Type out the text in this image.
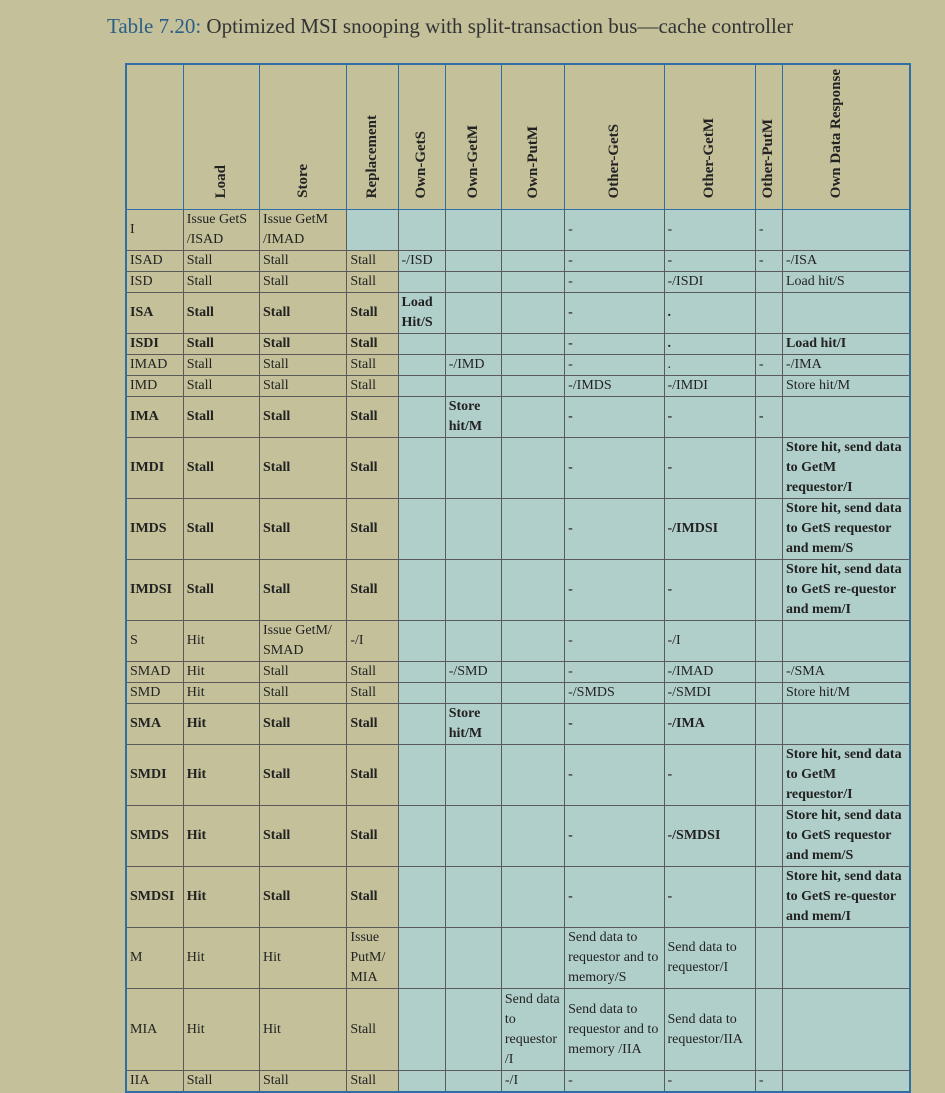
Table 7.20: Optimized MSI snooping with split-transaction bus—cache controller
	Load	Store	Replacement	Own-GetS	Own-GetM	Own-PutM	Other-GetS	Other-GetM	Other-PutM	Own Data Response
I	Issue GetS /ISAD	Issue GetM /IMAD					-	-	-	
ISAD	Stall	Stall	Stall	-/ISD			-	-	-	-/ISA
ISD	Stall	Stall	Stall				-	-/ISDI		Load hit/S
ISA	Stall	Stall	Stall	Load Hit/S			-	.		
ISDI	Stall	Stall	Stall				-	.		Load hit/I
IMAD	Stall	Stall	Stall		-/IMD		-	.	-	-/IMA
IMD	Stall	Stall	Stall				-/IMDS	-/IMDI		Store hit/M
IMA	Stall	Stall	Stall		Store hit/M		-	-	-	
IMDI	Stall	Stall	Stall				-	-		Store hit, send data to GetM requestor/I
IMDS	Stall	Stall	Stall				-	-/IMDSI		Store hit, send data to GetS requestor and mem/S
IMDSI	Stall	Stall	Stall				-	-		Store hit, send data to GetS re-questor and mem/I
S	Hit	Issue GetM/ SMAD	-/I				-	-/I		
SMAD	Hit	Stall	Stall		-/SMD		-	-/IMAD		-/SMA
SMD	Hit	Stall	Stall				-/SMDS	-/SMDI		Store hit/M
SMA	Hit	Stall	Stall		Store hit/M		-	-/IMA		
SMDI	Hit	Stall	Stall				-	-		Store hit, send data to GetM requestor/I
SMDS	Hit	Stall	Stall				-	-/SMDSI		Store hit, send data to GetS requestor and mem/S
SMDSI	Hit	Stall	Stall				-	-		Store hit, send data to GetS re-questor and mem/I
M	Hit	Hit	Issue PutM/ MIA				Send data to requestor and to memory/S	Send data to requestor/I		
MIA	Hit	Hit	Stall			Send data to requestor /I	Send data to requestor and to memory /IIA	Send data to requestor/IIA		
IIA	Stall	Stall	Stall			-/I	-	-	-	
